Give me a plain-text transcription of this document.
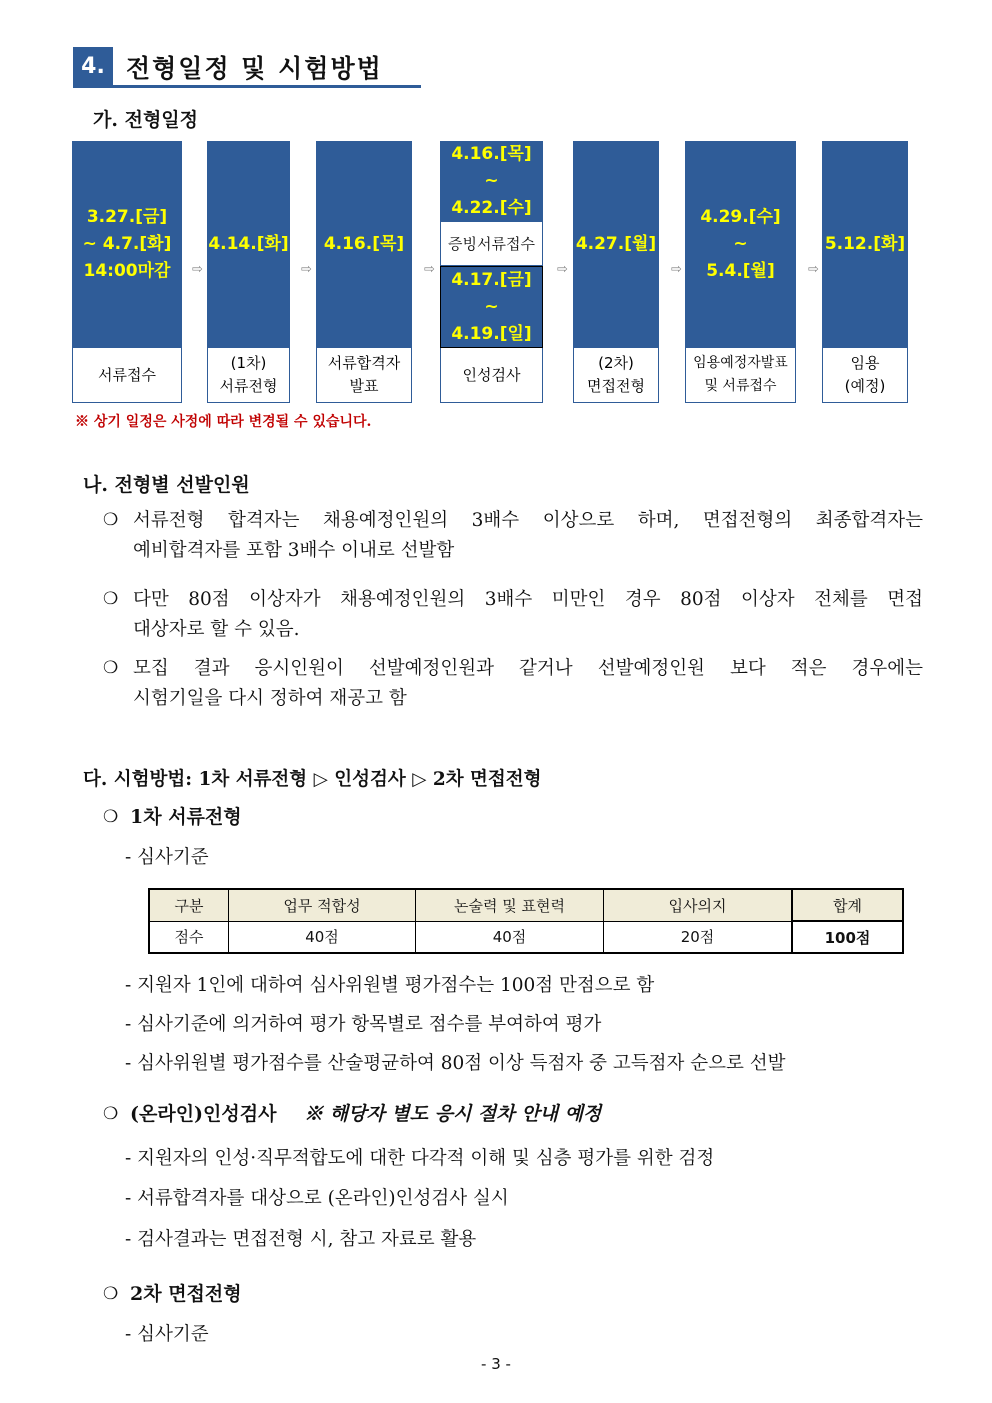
4. 전형일정 및 시험방법
가. 전형일정
3.27.[금]
~ 4.7.[화]
14:00마감
서류접수
⇨
4.14.[화]
(1차)
서류전형
⇨
4.16.[목]
서류합격자
발표
⇨
4.16.[목]
~
4.22.[수]
증빙서류접수
4.17.[금]
~
4.19.[일]
인성검사
⇨
4.27.[월]
(2차)
면접전형
⇨
4.29.[수]
~
5.4.[월]
임용예정자발표
및 서류접수
⇨
5.12.[화]
임용
(예정)
※ 상기 일정은 사정에 따라 변경될 수 있습니다.
나. 전형별 선발인원
❍ 서류전형 합격자는 채용예정인원의 3배수 이상으로 하며, 면접전형의 최종합격자는
예비합격자를 포함 3배수 이내로 선발함
❍ 다만 80점 이상자가 채용예정인원의 3배수 미만인 경우 80점 이상자 전체를 면접
대상자로 할 수 있음.
❍ 모집 결과 응시인원이 선발예정인원과 같거나 선발예정인원 보다 적은 경우에는
시험기일을 다시 정하여 재공고 함
다. 시험방법: 1차 서류전형 ▷ 인성검사 ▷ 2차 면접전형
❍ 1차 서류전형
- 심사기준
구분	업무 적합성	논술력 및 표현력	입사의지	합계
점수	40점	40점	20점	100점
- 지원자 1인에 대하여 심사위원별 평가점수는 100점 만점으로 함
- 심사기준에 의거하여 평가 항목별로 점수를 부여하여 평가
- 심사위원별 평가점수를 산술평균하여 80점 이상 득점자 중 고득점자 순으로 선발
❍ (온라인)인성검사 ※ 해당자 별도 응시 절차 안내 예정
- 지원자의 인성·직무적합도에 대한 다각적 이해 및 심층 평가를 위한 검정
- 서류합격자를 대상으로 (온라인)인성검사 실시
- 검사결과는 면접전형 시, 참고 자료로 활용
❍ 2차 면접전형
- 심사기준
- 3 -
